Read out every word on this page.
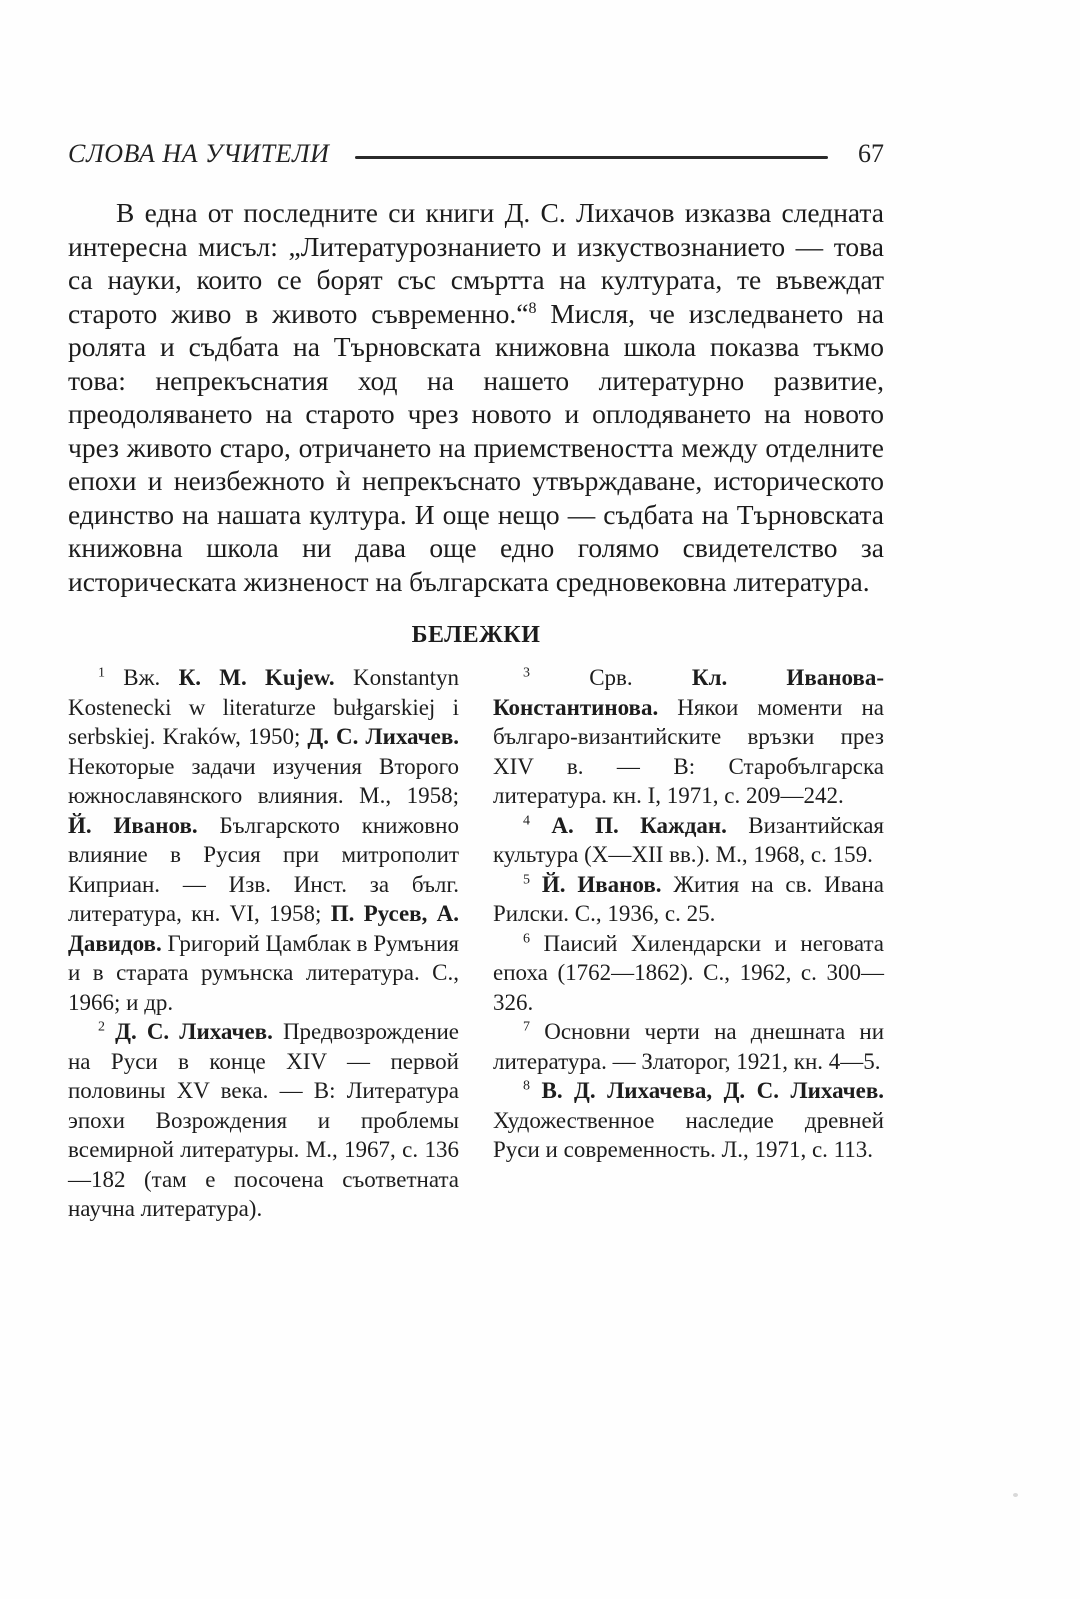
СЛОВА НА УЧИТЕЛИ	67

В една от последните си книги Д. С. Лихачов изказва следната интересна мисъл: „Литературознанието и изкуствознанието — това са науки, които се борят със смъртта на културата, те въвеждат старото живо в живото съвременно.“$^8$ Мисля, че изследването на ролята и съдбата на Търновската книжовна школа показва тъкмо това: непрекъснатия ход на нашето литературно развитие, преодоляването на старото чрез новото и оплодяването на новото чрез живото старо, отричането на приемствеността между отделните епохи и неизбежното ѝ непрекъснато утвърждаване, историческото единство на нашата култура. И още нещо — съдбата на Търновската книжовна школа ни дава още едно голямо свидетелство за историческата жизненост на българската средновековна литература.

БЕЛЕЖКИ

$^1$ Вж. К. М. Kujew. Konstantyn Kostenecki w literaturze bułgarskiej i serbskiej. Kraków, 1950; Д. С. Лихачев. Некоторые задачи изучения Второго южнославянского влияния. М., 1958; Й. Иванов. Българското книжовно влияние в Русия при митрополит Киприан. — Изв. Инст. за бълг. литература, кн. VI, 1958; П. Русев, А. Давидов. Григорий Цамблак в Румъния и в старата румънска литература. С., 1966; и др.

$^2$ Д. С. Лихачев. Предвозрождение на Руси в конце XIV — первой половины XV века. — В: Литература эпохи Возрождения и проблемы всемирной литературы. М., 1967, с. 136—182 (там е посочена съответната научна литература).

$^3$	Срв. Кл. Иванова-Константинова. Някои моменти на българо-византийските връзки през XIV в. — В: Старобългарска литература. кн. I, 1971, с. 209—242.

$^4$ А. П. Каждан. Византийская культура (X—XII вв.). М., 1968, с. 159.

$^5$ Й. Иванов. Жития на св. Ивана Рилски. С., 1936, с. 25.

$^6$ Паисий Хилендарски и неговата епоха (1762—1862). С., 1962, с. 300—326.

$^7$ Основни черти на днешната ни литература. — Златорог, 1921, кн. 4—5.

$^8$ В. Д. Лихачева, Д. С. Лихачев. Художественное наследие древней Руси и современность. Л., 1971, с. 113.
